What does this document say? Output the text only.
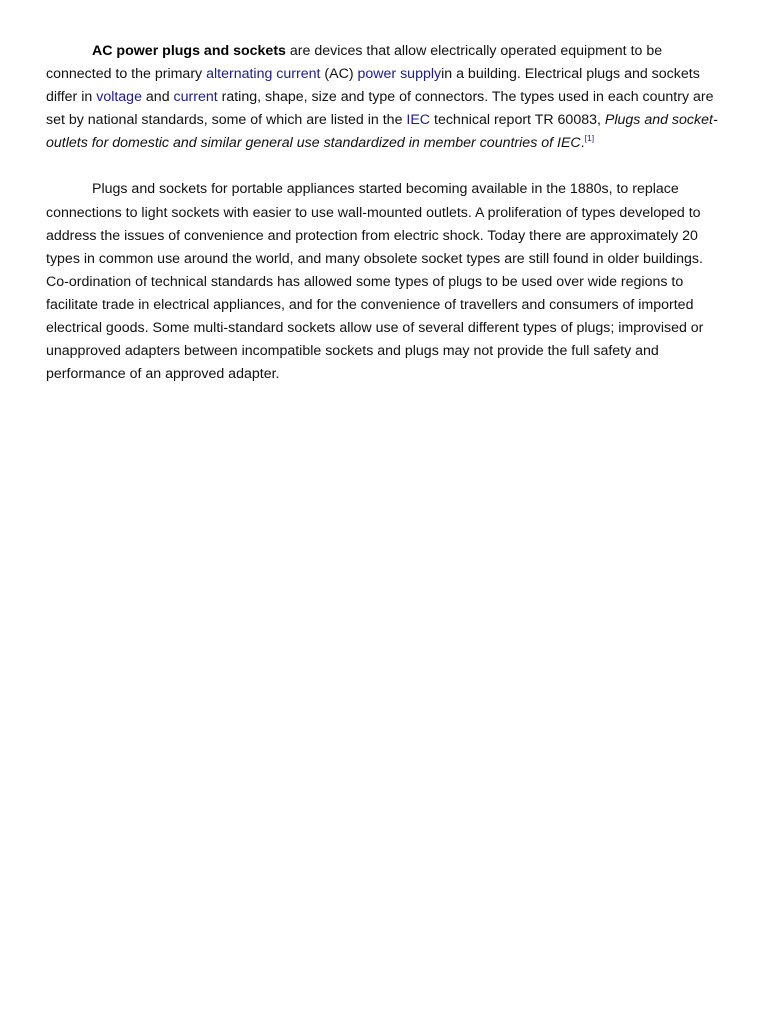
AC power plugs and sockets are devices that allow electrically operated equipment to be connected to the primary alternating current (AC) power supplyin a building. Electrical plugs and sockets differ in voltage and current rating, shape, size and type of connectors. The types used in each country are set by national standards, some of which are listed in the IEC technical report TR 60083, Plugs and socket-outlets for domestic and similar general use standardized in member countries of IEC.[1]

Plugs and sockets for portable appliances started becoming available in the 1880s, to replace connections to light sockets with easier to use wall-mounted outlets. A proliferation of types developed to address the issues of convenience and protection from electric shock. Today there are approximately 20 types in common use around the world, and many obsolete socket types are still found in older buildings. Co-ordination of technical standards has allowed some types of plugs to be used over wide regions to facilitate trade in electrical appliances, and for the convenience of travellers and consumers of imported electrical goods. Some multi-standard sockets allow use of several different types of plugs; improvised or unapproved adapters between incompatible sockets and plugs may not provide the full safety and performance of an approved adapter.
